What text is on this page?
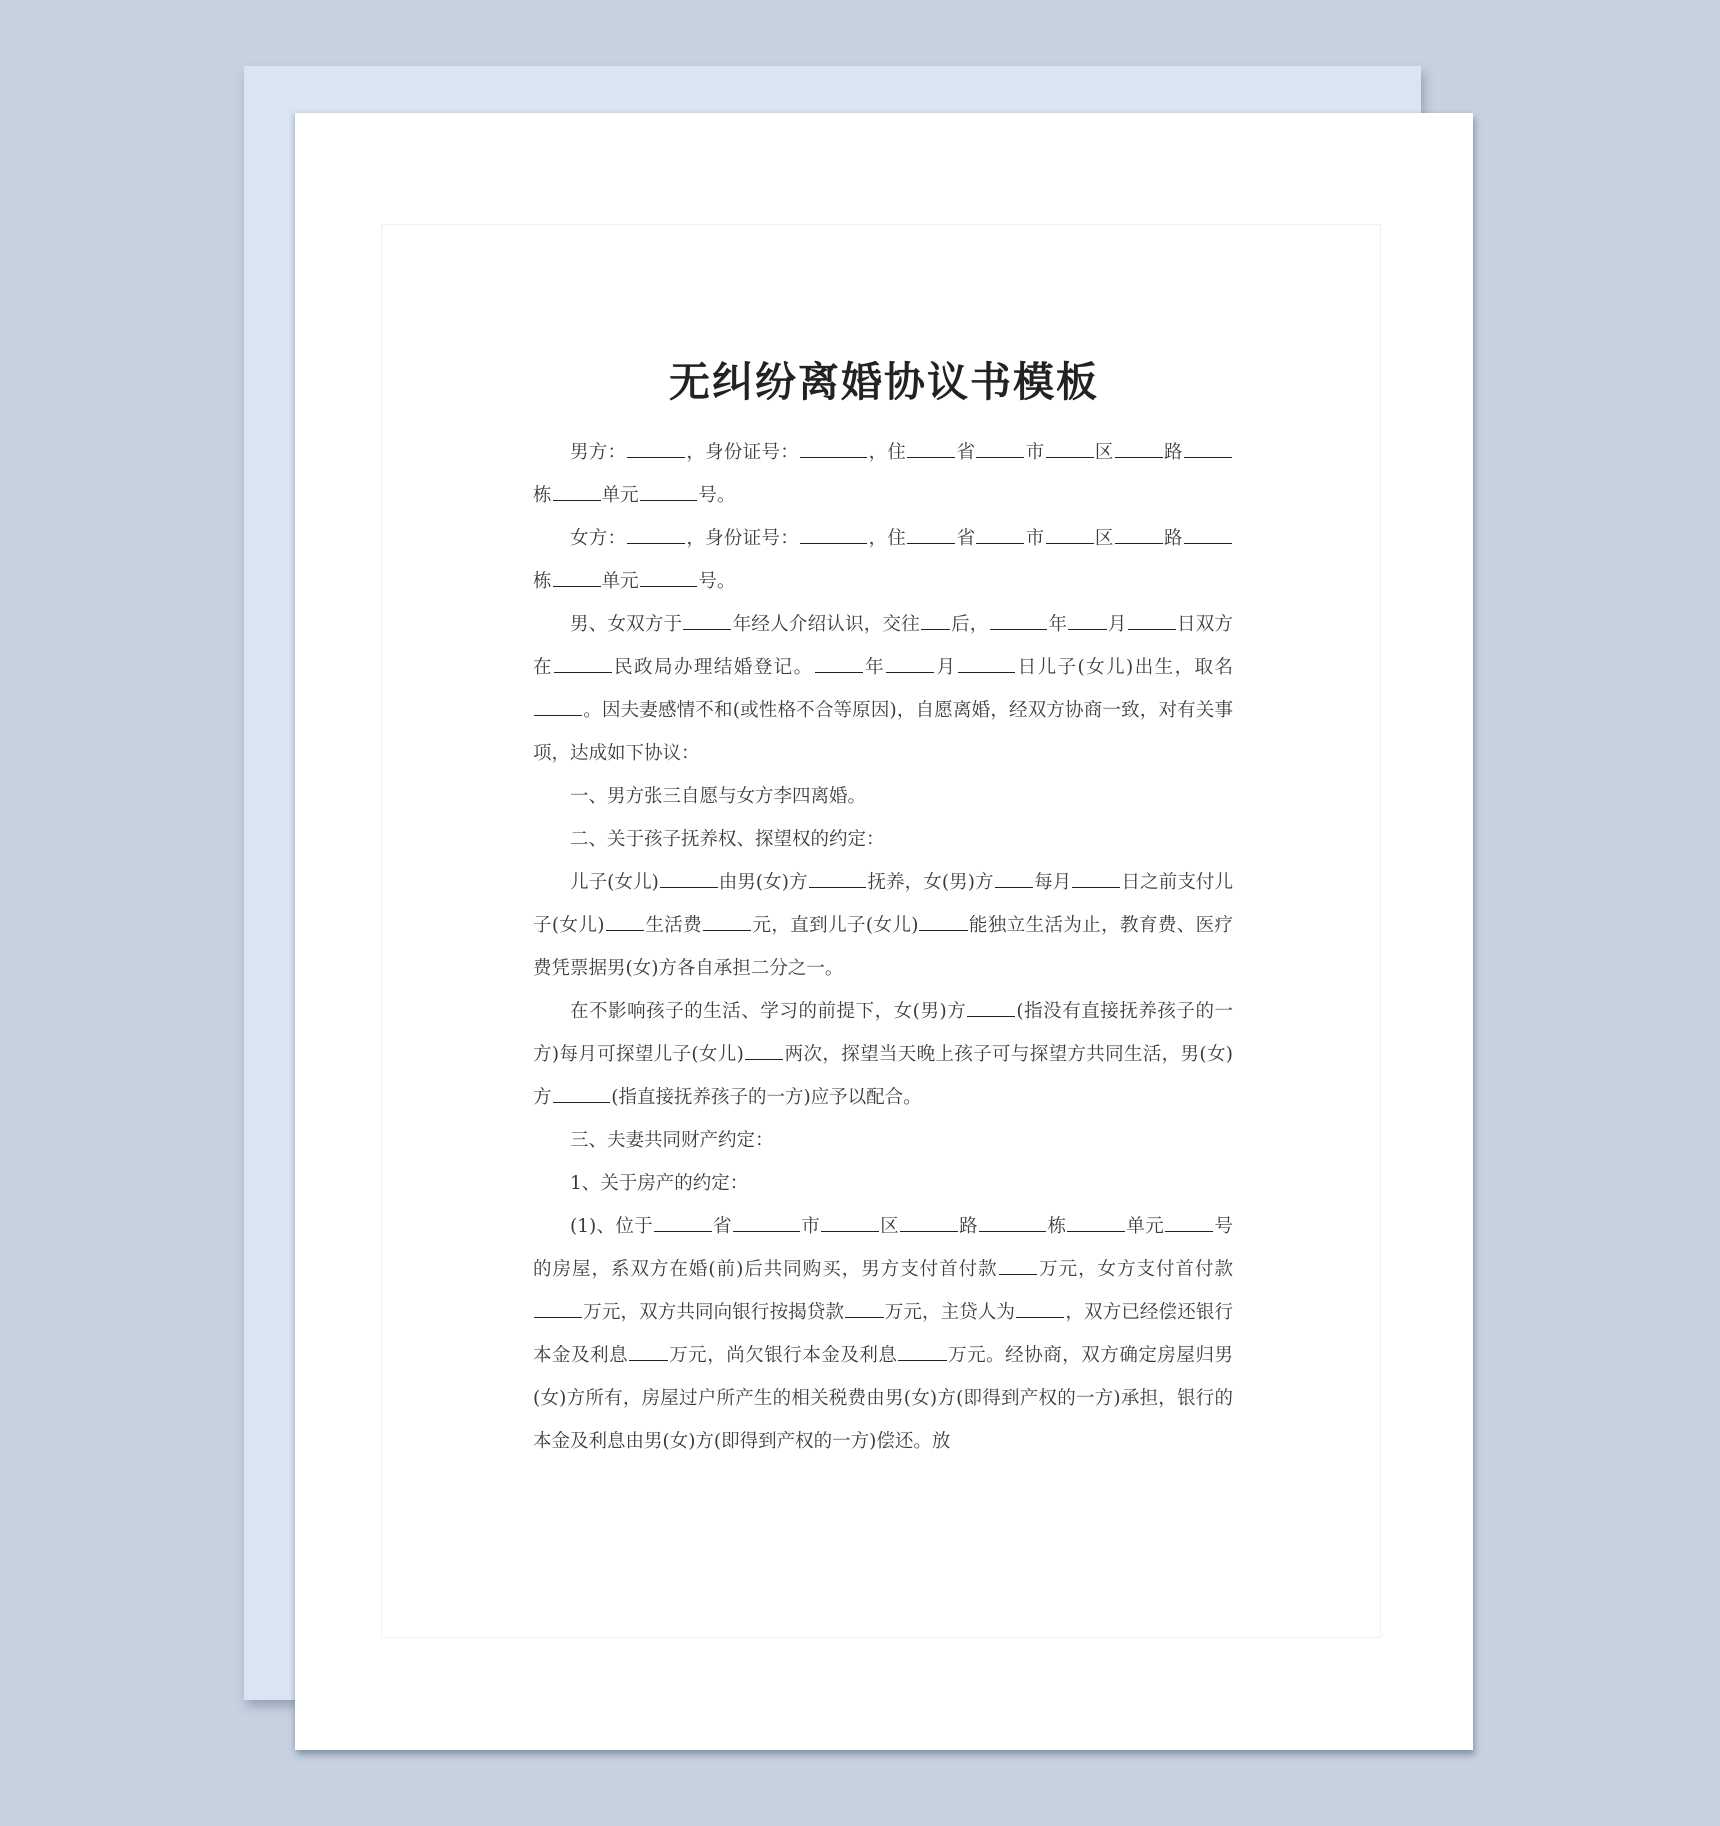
无纠纷离婚协议书模板

男方：	，身份证号：	，住	省	市	区	路栋	单元	号。

女方：	，身份证号：	，住	省	市	区	路栋	单元	号。

男、女双方于	年经人介绍认识，交往 后，	年 月	日双方在	民政局办理结婚登记。	年	月	日儿子(女儿)出生，取名。因夫妻感情不和(或性格不合等原因)，自愿离婚，经双方协商一致，对有关事项，达成如下协议：

一、男方张三自愿与女方李四离婚。

二、关于孩子抚养权、探望权的约定：

儿子(女儿)	由男(女)方	抚养，女(男)方 每月	日之前支付儿子(女儿) 生活费	元，直到儿子(女儿)	能独立生活为止，教育费、医疗费凭票据男(女)方各自承担二分之一。

在不影响孩子的生活、学习的前提下，女(男)方	(指没有直接抚养孩子的一方)每月可探望儿子(女儿) 两次，探望当天晚上孩子可与探望方共同生活，男(女)方	(指直接抚养孩子的一方)应予以配合。

三、夫妻共同财产约定：

1、关于房产的约定：

(1)、位于	省	市	区	路	栋	单元	号的房屋，系双方在婚(前)后共同购买，男方支付首付款 万元，女方支付首付款万元，双方共同向银行按揭贷款 万元，主贷人为	，双方已经偿还银行本金及利息 万元，尚欠银行本金及利息	万元。经协商，双方确定房屋归男(女)方所有，房屋过户所产生的相关税费由男(女)方(即得到产权的一方)承担，银行的本金及利息由男(女)方(即得到产权的一方)偿还。放
